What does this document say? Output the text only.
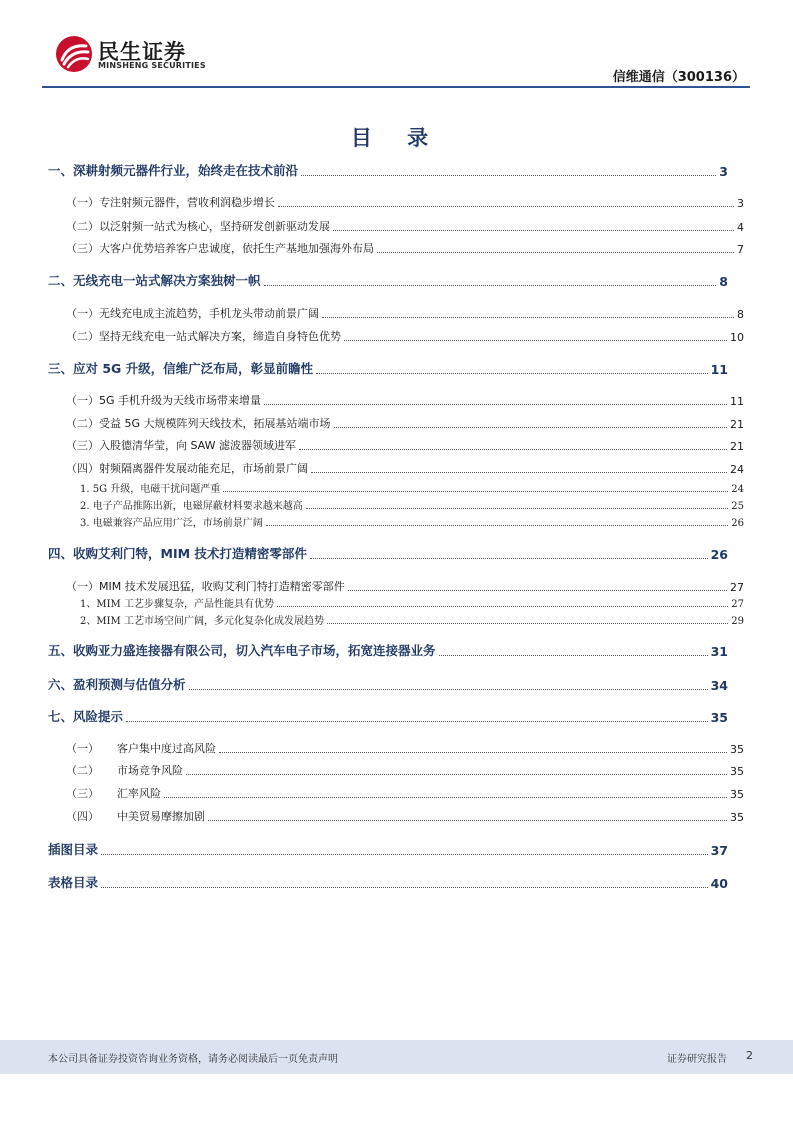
民生证券
MINSHENG SECURITIES
信维通信（300136）
目 录
一、深耕射频元器件行业，始终走在技术前沿	3
（一）专注射频元器件，营收利润稳步增长	3
（二）以泛射频一站式为核心，坚持研发创新驱动发展	4
（三）大客户优势培养客户忠诚度，依托生产基地加强海外布局	7
二、无线充电一站式解决方案独树一帜	8
（一）无线充电成主流趋势，手机龙头带动前景广阔	8
（二）坚持无线充电一站式解决方案，缔造自身特色优势	10
三、应对 5G 升级，信维广泛布局，彰显前瞻性	11
（一）5G 手机升级为天线市场带来增量	11
（二）受益 5G 大规模阵列天线技术，拓展基站端市场	21
（三）入股德清华莹，向 SAW 滤波器领域进军	21
（四）射频隔离器件发展动能充足，市场前景广阔	24
1. 5G 升级，电磁干扰问题严重	24
2. 电子产品推陈出新，电磁屏蔽材料要求越来越高	25
3. 电磁兼容产品应用广泛，市场前景广阔	26
四、收购艾利门特，MIM 技术打造精密零部件	26
（一）MIM 技术发展迅猛，收购艾利门特打造精密零部件	27
1、MIM 工艺步骤复杂，产品性能具有优势	27
2、MIM 工艺市场空间广阔，多元化复杂化成发展趋势	29
五、收购亚力盛连接器有限公司，切入汽车电子市场，拓宽连接器业务	31
六、盈利预测与估值分析	34
七、风险提示	35
（一） 客户集中度过高风险	35
（二） 市场竞争风险	35
（三） 汇率风险	35
（四） 中美贸易摩擦加剧	35
插图目录	37
表格目录	40
本公司具备证券投资咨询业务资格，请务必阅读最后一页免责声明	证券研究报告 2
